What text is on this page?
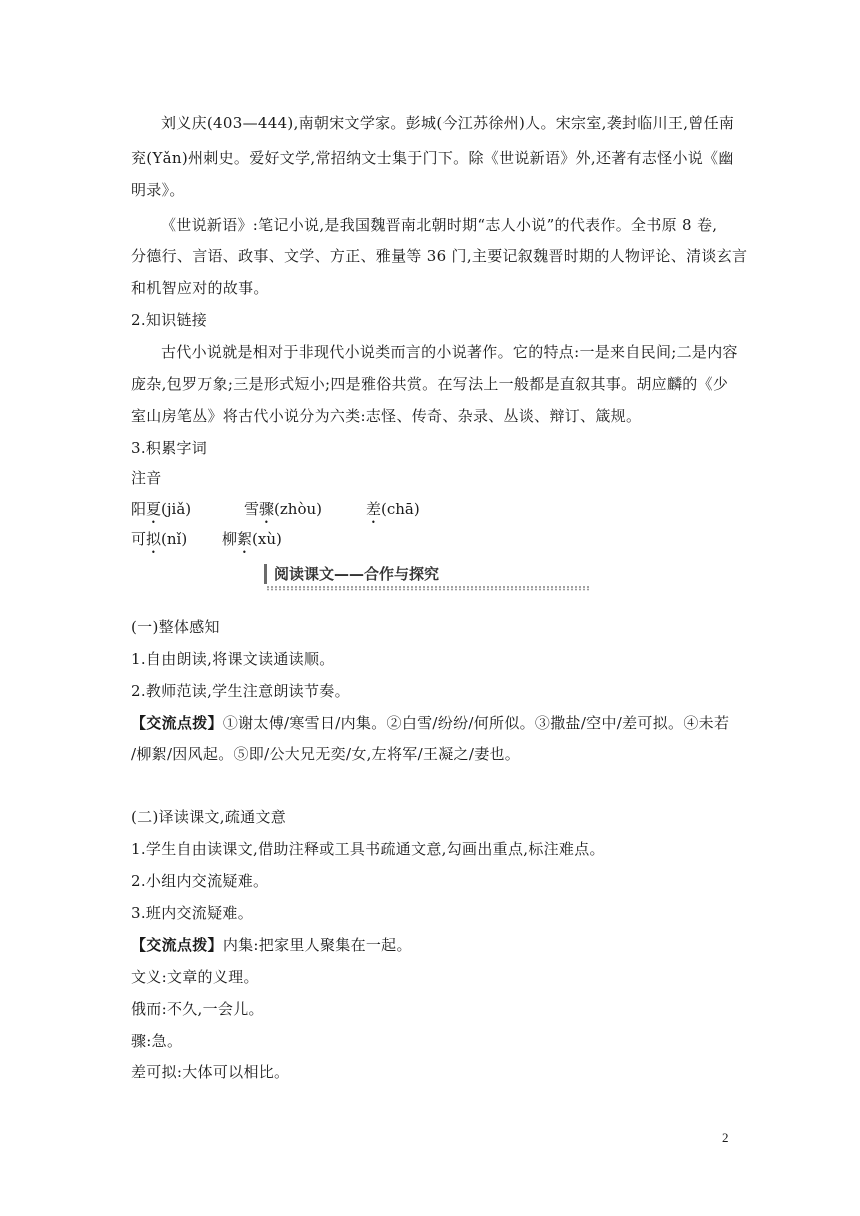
刘义庆(403—444),南朝宋文学家。彭城(今江苏徐州)人。宋宗室,袭封临川王,曾任南
兖(Yǎn)州刺史。爱好文学,常招纳文士集于门下。除《世说新语》外,还著有志怪小说《幽
明录》。
《世说新语》:笔记小说,是我国魏晋南北朝时期“志人小说”的代表作。全书原 8 卷,
分德行、言语、政事、文学、方正、雅量等 36 门,主要记叙魏晋时期的人物评论、清谈玄言
和机智应对的故事。
2.知识链接
古代小说就是相对于非现代小说类而言的小说著作。它的特点:一是来自民间;二是内容
庞杂,包罗万象;三是形式短小;四是雅俗共赏。在写法上一般都是直叙其事。胡应麟的《少
室山房笔丛》将古代小说分为六类:志怪、传奇、杂录、丛谈、辩订、箴规。
3.积累字词
注音
阳夏(jiǎ)	雪骤(zhòu)	差(chā)
可拟(nǐ) 柳絮(xù)
阅读课文——合作与探究
(一)整体感知
1.自由朗读,将课文读通读顺。
2.教师范读,学生注意朗读节奏。
【交流点拨】①谢太傅/寒雪日/内集。②白雪/纷纷/何所似。③撒盐/空中/差可拟。④未若
/柳絮/因风起。⑤即/公大兄无奕/女,左将军/王凝之/妻也。
(二)译读课文,疏通文意
1.学生自由读课文,借助注释或工具书疏通文意,勾画出重点,标注难点。
2.小组内交流疑难。
3.班内交流疑难。
【交流点拨】内集:把家里人聚集在一起。
文义:文章的义理。
俄而:不久,一会儿。
骤:急。
差可拟:大体可以相比。
2
